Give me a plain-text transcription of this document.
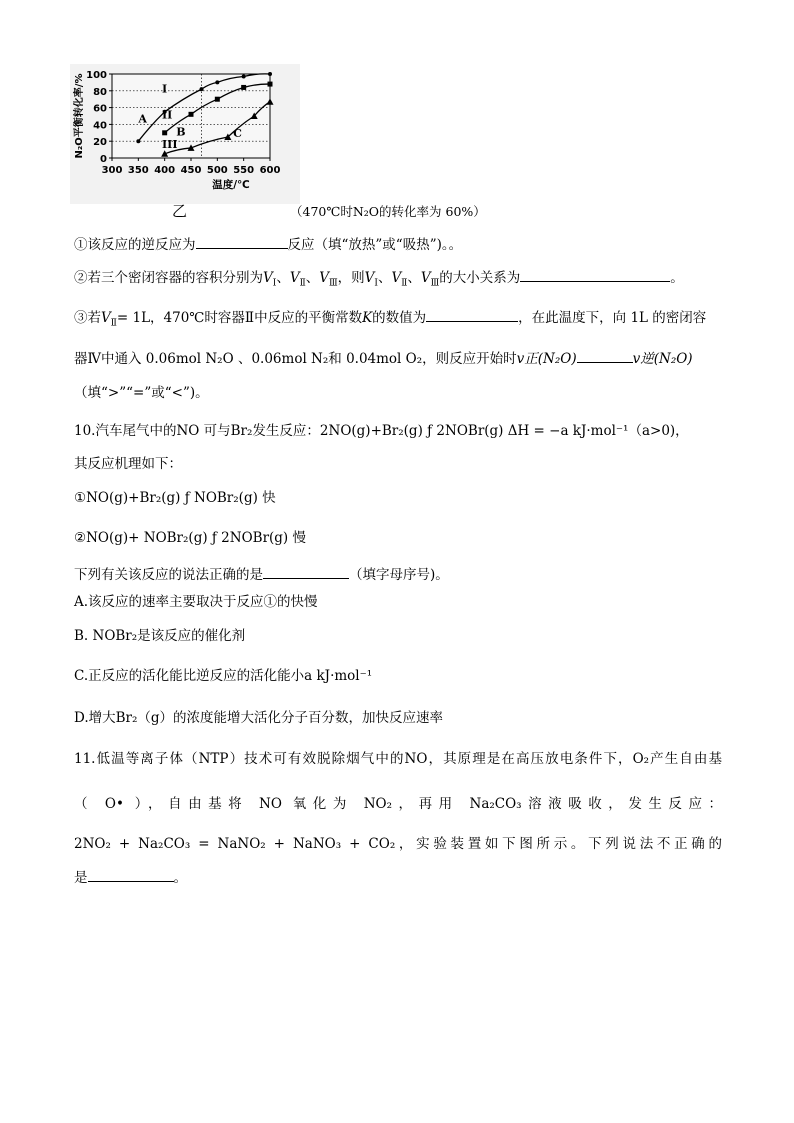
0
20
40
60
80
100
300 350 400 450 500 550 600
温度/℃
N₂O平衡转化率/%	I
II
III
A
B	C
乙	（470℃时N₂O的转化率为 60%）
①该反应的逆反应为	反应（填“放热”或“吸热”)。。
②若三个密闭容器的容积分别为$V_Ⅰ$、$V_Ⅱ$、$V_Ⅲ$，则$V_Ⅰ$、$V_Ⅱ$、$V_Ⅲ$的大小关系为	。
③若$V_Ⅱ= 1L$，470℃时容器Ⅱ中反应的平衡常数K的数值为	，在此温度下，向 1L 的密闭容
器Ⅳ中通入 0.06mol N₂O 、0.06mol N₂和 0.04mol O₂，则反应开始时v正(N₂O)	v逆(N₂O)
（填“>”“=”或“<”)。
10.汽车尾气中的NO 可与Br₂发生反应：2NO(g)+Br₂(g) ƒ 2NOBr(g) ΔH = −a kJ·mol⁻¹（a>0)，
其反应机理如下：
①NO(g)+Br₂(g) ƒ NOBr₂(g) 快
②NO(g)+ NOBr₂(g) ƒ 2NOBr(g) 慢
下列有关该反应的说法正确的是	（填字母序号)。
A.该反应的速率主要取决于反应①的快慢
B. NOBr₂是该反应的催化剂
C.正反应的活化能比逆反应的活化能小a kJ·mol⁻¹
D.增大Br₂（g）的浓度能增大活化分子百分数，加快反应速率
11.低温等离子体（NTP）技术可有效脱除烟气中的NO，其原理是在高压放电条件下，O₂产生自由基
（ O• ），自由基将 NO 氧化为 NO₂，再用 Na₂CO₃溶液吸收，发生反应：
2NO₂ + Na₂CO₃ = NaNO₂ + NaNO₃ + CO₂，实验装置如下图所示。下列说法不正确的
是	。
